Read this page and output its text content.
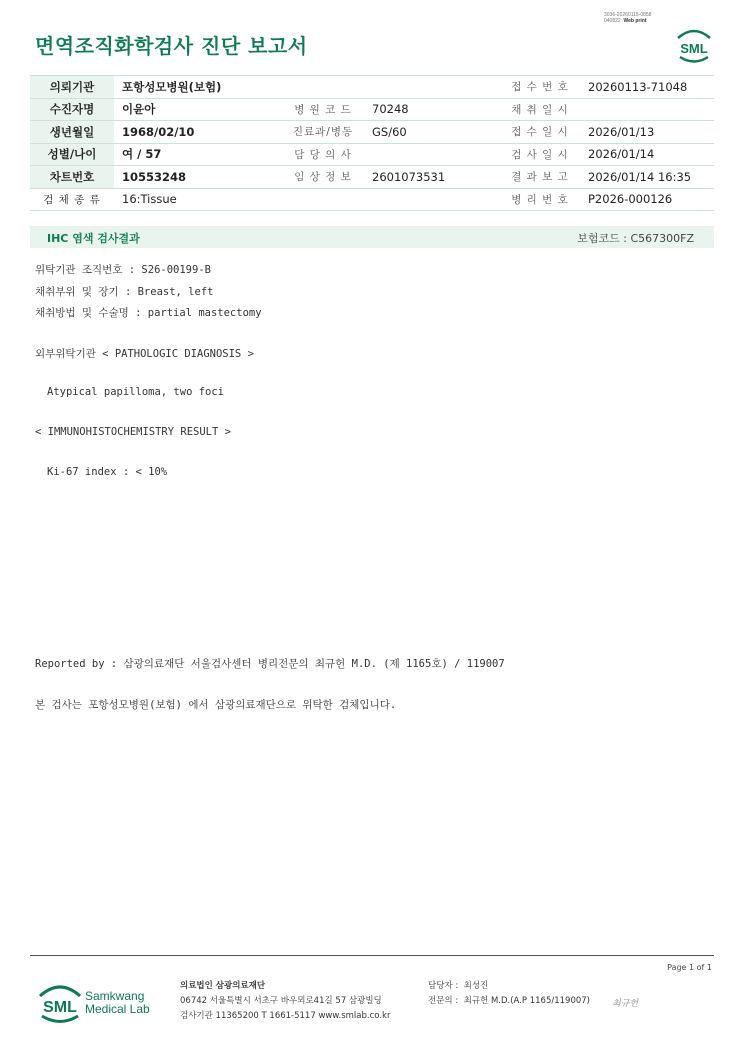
3036-20260115-0858
040822 Web print
면역조직화학검사 진단 보고서	SML
의뢰기관	포항성모병원(보험)			접 수 번 호	20260113-71048
수진자명	이윤아	병 원 코 드	70248	채 취 일 시	
생년월일	1968/02/10	진료과/병동	GS/60	접 수 일 시	2026/01/13
성별/나이	여 / 57	담 당 의 사		검 사 일 시	2026/01/14
차트번호	10553248	임 상 정 보	2601073531	결 과 보 고	2026/01/14 16:35
검 체 종 류	16:Tissue			병 리 번 호	P2026-000126
IHC 염색 검사결과	보험코드 : C567300FZ
위탁기관 조직번호 : S26-00199-B
채취부위 및 장기 : Breast, left
채취방법 및 수술명 : partial mastectomy
외부위탁기관 < PATHOLOGIC DIAGNOSIS >
Atypical papilloma, two foci
< IMMUNOHISTOCHEMISTRY RESULT >
Ki-67 index : < 10%
Reported by : 삼광의료재단 서울검사센터 병리전문의 최규헌 M.D. (제 1165호) / 119007
본 검사는 포항성모병원(보험) 에서 삼광의료재단으로 위탁한 검체입니다.
Page 1 of 1
SML
Samkwang
Medical Lab
의료법인 삼광의료재단
06742 서울특별시 서초구 바우뫼로41길 57 삼광빌딩
검사기관 11365200 T 1661-5117 www.smlab.co.kr
담당자 : 최성진
전문의 : 최규헌 M.D.(A.P 1165/119007) 최규헌
